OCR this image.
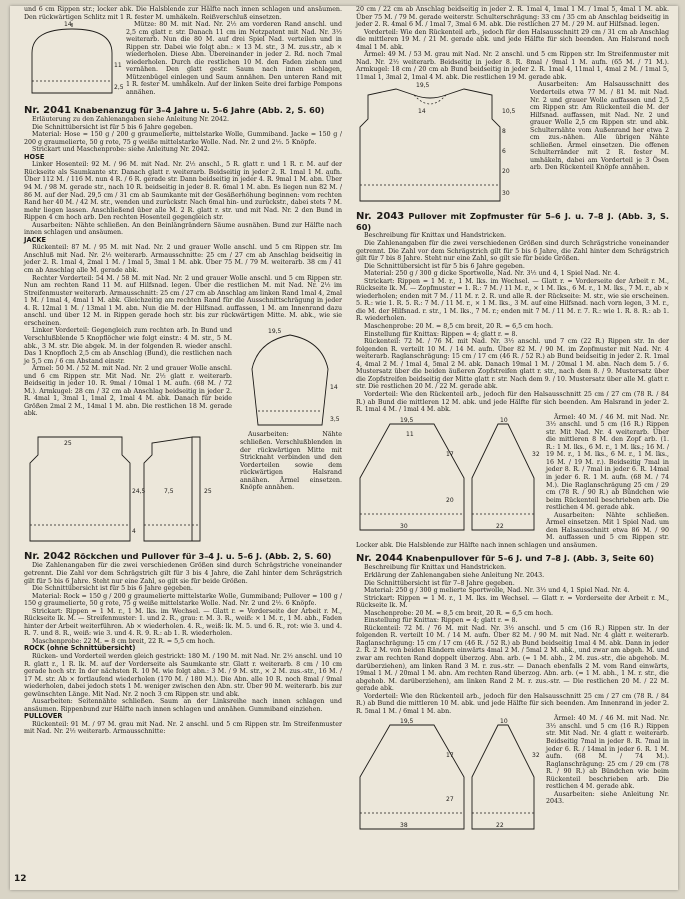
und 6 cm Rippen str.; locker abk. Die Halsblende zur Hälfte nach innen schlagen und ansäumen. Den rückwärtigen Schlitz mit 1 R. fester M. umhäkeln. Reißverschluß einsetzen.

14
2,5
11

Mütze: 80 M. mit Nad. Nr. 2½ am vorderen Rand anschl. und 2,5 cm glatt r. str. Danach 11 cm im Netzpatent mit Nad. Nr. 3½ weiterarb. Nun die 80 M. auf drei Spiel Nad. verteilen und in Rippen str. Dabei wie folgt abn.: × 13 M. str., 3 M. zus.str., ab × wiederholen. Diese Abn. Übereinander in jeder 2. Rd. noch 7mal wiederholen. Durch die restlichen 10 M. den Faden ziehen und vernähen. Den glatt gestr. Saum nach innen schlagen, Mützenbügel einlegen und Saum annähen. Den unteren Rand mit 1 R. fester M. umhäkeln. Auf der linken Seite drei farbige Pompons annähen.

Nr. 2041 Knabenanzug für 3–4 Jahre u. 5–6 Jahre (Abb. 2, S. 60)

Erläuterung zu den Zahlenangaben siehe Anleitung Nr. 2042.

Die Schnittübersicht ist für 5 bis 6 Jahre gegeben.

Material: Hose = 150 g / 200 g graumelierte, mittelstarke Wolle, Gummiband. Jacke = 150 g / 200 g graumelierte, 50 g rote, 75 g weiße mittelstarke Wolle. Nad. Nr. 2 und 2½. 5 Knöpfe.

Strickart und Maschenprobe: siehe Anleitung Nr. 2042.

HOSE

Linker Hosenteil: 92 M. / 96 M. mit Nad. Nr. 2½ anschl., 5 R. glatt r. und 1 R. r. M. auf der Rückseite als Saumkante str. Danach glatt r. weiterarb. Beidseitig in jeder 2. R. 1mal 1 M. aufn. Über 112 M. / 116 M. nun 4 R. / 6 R. gerade str. Dann beidseitig in jeder 4. R. 9mal 1 M. abn. Über 94 M. / 98 M. gerade str., nach 10 R. beidseitig in jeder 8. R. 6mal 1 M. abn. Es liegen nun 82 M. / 86 M. auf der Nad. 29,5 cm / 31 cm ab Saumkante mit der Gesäßerhöhung beginnen: vom rechten Rand her 40 M. / 42 M. str., wenden und zurückstr. Nach 6mal hin- und zurückstr., dabei stets 7 M. mehr liegen lassen. Anschließend über alle M. 2 R. glatt r. str. und mit Nad. Nr. 2 den Bund in Rippen 4 cm hoch arb. Den rechten Hosenteil gegengleich str.

Ausarbeiten: Nähte schließen. An den Beinlängrändern Säume ausnähen. Bund zur Hälfte nach innen schlagen und ansäumen.

JACKE

Rückenteil: 87 M. / 95 M. mit Nad. Nr. 2 und grauer Wolle anschl. und 5 cm Rippen str. Im Anschluß mit Nad. Nr. 2½ weiterarb. Armausschnitte: 25 cm / 27 cm ab Anschlag beidseitig in jeder 2. R. 1mal 4, 2mal 1 M. / 1mal 5, 3mal 1 M. abk. Über 75 M. / 79 M. weiterarb. 38 cm / 41 cm ab Anschlag alle M. gerade abk.

Rechter Vorderteil: 54 M. / 58 M. mit Nad. Nr. 2 und grauer Wolle anschl. und 5 cm Rippen str. Nun am rechten Rand 11 M. auf Hilfsnad. legen. Über die restlichen M. mit Nad. Nr. 2½ im Streifenmuster weiterarb. Armausschnitt: 25 cm / 27 cm ab Anschlag am linken Rand 1mal 4, 2mal 1 M. / 1mal 4, 4mal 1 M. abk. Gleichzeitig am rechten Rand für die Ausschnittschrägung in jeder 4. R. 12mal 1 M. / 13mal 1 M. abn. Nun die M. der Hilfsnad. auffassen, 1 M. am Innenrand dazu anschl. und über 12 M. in Rippen gerade hoch str. bis zur rückwärtigen Mitte. M. abk., wie sie erscheinen.

19,5
14
3,5

Linker Vorderteil: Gegengleich zum rechten arb. In Bund und Verschlußblende 5 Knopflöcher wie folgt einstr.: 4 M. str., 5 M. abk., 3 M. str. Die abgek. M. in der folgenden R. wieder anschl. Das 1 Knopfloch 2,5 cm ab Anschlag (Bund), die restlichen nach je 5,5 cm / 6 cm Abstand einstr.

Ärmel: 50 M. / 52 M. mit Nad. Nr. 2 und grauer Wolle anschl. und 6 cm Rippen str. Mit Nad. Nr. 2½ glatt r. weiterarb. Beidseitig in jeder 10. R. 9mal / 10mal 1 M. aufn. (68 M. / 72 M.). Armkugel: 28 cm / 32 cm ab Anschlag beidseitig in jeder 2. R. 4mal 1, 3mal 1, 1mal 2, 1mal 4 M. abk. Danach für beide Größen 2mal 2 M., 14mal 1 M. abn. Die restlichen 18 M. gerade abk.

25
24,5
4
7,5	25

Ausarbeiten: Nähte schließen. Verschlußblenden in der rückwärtigen Mitte mit Stricknaht verbinden und den Vorderteilen sowie dem rückwärtigen Halsrand annähen. Ärmel einsetzen. Knöpfe annähen.

Nr. 2042 Röckchen und Pullover für 3–4 J. u. 5–6 J. (Abb. 2, S. 60)

Die Zahlenangaben für die zwei verschiedenen Größen sind durch Schrägstriche voneinander getrennt. Die Zahl vor dem Schrägstrich gilt für 3 bis 4 Jahre, die Zahl hinter dem Schrägstrich gilt für 5 bis 6 Jahre. Steht nur eine Zahl, so gilt sie für beide Größen.

Die Schnittübersicht ist für 5 bis 6 Jahre gegeben.

Material: Rock = 150 g / 200 g graumelierte mittelstarke Wolle, Gummiband; Pullover = 100 g / 150 g graumelierte, 50 g rote, 75 g weiße mittelstarke Wolle. Nad. Nr. 2 und 2½. 6 Knöpfe.

Strickart: Rippen = 1 M. r., 1 M. lks. im Wechsel. — Glatt r. = Vorderseite der Arbeit r. M., Rückseite lk. M. — Streifenmuster: 1. und 2. R., grau: r. M. 3. R., weiß: × 1 M. r., 1 M. abh., Faden hinter der Arbeit weiterführen. Ab × wiederholen. 4. R., weiß: lk. M. 5. und 6. R., rot: wie 3. und 4. R. 7. und 8. R., weiß: wie 3. und 4. R. 9. R.: ab 1. R. wiederholen.

Maschenprobe: 22 M. = 8 cm breit, 22 R. = 5,5 cm hoch.

ROCK (ohne Schnittübersicht)

Rücken- und Vorderteil werden gleich gestrickt: 180 M. / 190 M. mit Nad. Nr. 2½ anschl. und 10 R. glatt r., 1 R. lk. M. auf der Vorderseite als Saumkante str. Glatt r. weiterarb. 8 cm / 10 cm gerade hoch str. In der nächsten R. 10 M. wie folgt abn.: 3 M. / 9 M. str., × 2 M. zus.-str., 16 M. / 17 M. str. Ab × fortlaufend wiederholen (170 M. / 180 M.). Die Abn. alle 10 R. noch 8mal / 9mal wiederholen, dabei jedoch stets 1 M. weniger zwischen den Abn. str. Über 90 M. weiterarb. bis zur gewünschten Länge. Mit Nad. Nr. 2 noch 3 cm Rippen str. und abk.

Ausarbeiten: Seitennähte schließen. Saum an der Linksreihe nach innen schlagen und ansäumen. Rippenbund zur Hälfte nach innen schlagen und annähen. Gummiband einziehen.

PULLOVER

Rückenteil: 91 M. / 97 M. grau mit Nad. Nr. 2 anschl. und 5 cm Rippen str. Im Streifenmuster mit Nad. Nr. 2½ weiterarb. Armausschnitte:

20 cm / 22 cm ab Anschlag beidseitig in jeder 2. R. 1mal 4, 1mal 1 M. / 1mal 5, 4mal 1 M. abk. Über 75 M. / 79 M. gerade weiterstr. Schulterschrägung: 33 cm / 35 cm ab Anschlag beidseitig in jeder 2. R. 4mal 6 M. / 1mal 7, 3mal 6 M. abk. Die restlichen 27 M. / 29 M. auf Hilfsnad. legen.

Vorderteil: Wie den Rückenteil arb., jedoch für den Halsausschnitt 29 cm / 31 cm ab Anschlag die mittleren 19 M. / 21 M. gerade abk. und jede Hälfte für sich beenden. Am Halsrand noch 4mal 1 M. abk.

Ärmel: 49 M. / 53 M. grau mit Nad. Nr. 2 anschl. und 5 cm Rippen str. Im Streifenmuster mit Nad. Nr. 2½ weiterarb. Beidseitig in jeder 8. R. 8mal / 9mal 1 M. aufn. (65 M. / 71 M.). Armkugel: 18 cm / 20 cm ab Bund beidseitig in jeder 2. R. 1mal 4, 11mal 1, 4mal 2 M. / 1mal 5, 11mal 1, 3mal 2, 1mal 4 M. abk. Die restlichen 19 M. gerade abk.

19,5
14	10,5
8
6
20
30

Ausarbeiten: Am Halsausschnitt des Vorderteils etwa 77 M. / 81 M. mit Nad. Nr. 2 und grauer Wolle auffassen und 2,5 cm Rippen str. Am Rückenteil die M. der Hilfsnad. auffassen, mit Nad. Nr. 2 und grauer Wolle 2,5 cm Rippen str. und abk. Schulternähte vom Außenrand her etwa 2 cm zus.-nähen. Alle übrigen Nähte schließen. Ärmel einsetzen. Die offenen Schulterränder mit 2 R. fester M. umhäkeln, dabei am Vorderteil je 3 Ösen arb. Den Rückenteil Knöpfe annähen.

Nr. 2043 Pullover mit Zopfmuster für 5–6 J. u. 7–8 J. (Abb. 3, S. 60)

Beschreibung für Knittax und Handstricken.

Die Zahlenangaben für die zwei verschiedenen Größen sind durch Schrägstriche voneinander getrennt. Die Zahl vor dem Schrägstrich gilt für 5 bis 6 Jahre, die Zahl hinter dem Schrägstrich gilt für 7 bis 8 Jahre. Steht nur eine Zahl, so gilt sie für beide Größen.

Die Schnittübersicht ist für 5 bis 6 Jahre gegeben.

Material: 250 g / 300 g dicke Sportwolle, Nad. Nr. 3½ und 4, 1 Spiel Nad. Nr. 4.

Strickart: Rippen = 1 M. r., 1 M. lks. im Wechsel. — Glatt r. = Vorderseite der Arbeit r. M., Rückseite lk. M. — Zopfmuster = 1. R.: 7 M. / 11 M. r., × 1 M. lks., 6 M. r., 1 M. lks., 7 M. r., ab × wiederholen; enden mit 7 M. / 11 M. r. 2. R. und alle R. der Rückseite: M. str., wie sie erscheinen. 5. R.: wie 1. R. 5. R.: 7 M. / 11 M. r., × 1 M. lks., 3 M. auf eine Hilfsnad. nach vorn legen, 3 M. r., die M. der Hilfsnad. r. str., 1 M. lks., 7 M. r.; enden mit 7 M. / 11 M. r. 7. R.: wie 1. R. 8. R.: ab 1. R. wiederholen.

Maschenprobe: 20 M. = 8,5 cm breit, 20 R. = 6,5 cm hoch.

Einstellung für Knittax: Rippen = 4; glatt r. = 8.

Rückenteil: 72 M. / 76 M. mit Nad. Nr. 3½ anschl. und 7 cm (22 R.) Rippen str. In der folgenden R. verteilt 10 M. / 14 M. aufn. Über 82 M. / 90 M. im Zopfmuster mit Nad. Nr. 4 weiterarb. Raglanschrägung: 15 cm / 17 cm (46 R. / 52 R.) ab Bund beidseitig in jeder 2. R. 1mal 4, 4mal 2 M. / 1mal 4, 5mal 2 M. abk. Danach 19mal 1 M. / 20mal 1 M. abn. Nach dem 5. / 6. Mustersatz über die beiden äußeren Zopfstreifen glatt r. str., nach dem 8. / 9. Mustersatz über die Zopfstreifen beidseitig der Mitte glatt r. str. Nach dem 9. / 10. Mustersatz über alle M. glatt r. str. Die restlichen 20 M. / 22 M. gerade abk.

Vorderteil: Wie den Rückenteil arb., jedoch für den Halsausschnitt 25 cm / 27 cm (78 R. / 84 R.) ab Bund die mittleren 12 M. abk. und jede Hälfte für sich beenden. Am Halsrand in jeder 2. R. 1mal 4 M. / 1mal 4 M. abk.

19,5
11
10
17	32
30
20
22

Ärmel: 40 M. / 46 M. mit Nad. Nr. 3½ anschl. und 5 cm (16 R.) Rippen str. Mit Nad. Nr. 4 weiterarb. Über die mittleren 8 M. den Zopf arb. (1. R.: 1 M. lks., 6 M. r., 1 M. lks.; 16 M. / 19 M. r., 1 M. lks., 6 M. r., 1 M. lks., 16 M. / 19 M. r.). Beidseitig 7mal in jeder 8. R. / 7mal in jeder 6. R. 14mal in jeder 6. R. 1 M. aufn. (68 M. / 74 M.). Die Raglanschrägung 25 cm / 29 cm (78 R. / 90 R.) ab Bündchen wie beim Rückenteil beschrieben arb. Die restlichen 4 M. gerade abk.

Ausarbeiten: Nähte schließen. Ärmel einsetzen. Mit 1 Spiel Nad. um den Halsausschnitt etwa 86 M. / 90 M. auffassen und 5 cm Rippen str. Locker abk. Die Halsblende zur Hälfte nach innen schlagen und ansäumen.

Nr. 2044 Knabenpullover für 5–6 J. und 7–8 J. (Abb. 3, Seite 60)

Beschreibung für Knittax und Handstricken.

Erklärung der Zahlenangaben siehe Anleitung Nr. 2043.

Die Schnittübersicht ist für 7–8 Jahre gegeben.

Material: 250 g / 300 g melierte Sportwolle, Nad. Nr. 3½ und 4, 1 Spiel Nad. Nr. 4.

Strickart: Rippen = 1 M. r., 1 M. lks. im Wechsel. — Glatt r. = Vorderseite der Arbeit r. M., Rückseite lk. M.

Maschenprobe: 20 M. = 8,5 cm breit, 20 R. = 6,5 cm hoch.

Einstellung für Knittax: Rippen = 4; glatt r. = 8.

Rückenteil: 72 M. / 76 M. mit Nad. Nr. 3½ anschl. und 5 cm (16 R.) Rippen str. In der folgenden R. verteilt 10 M. / 14 M. aufn. Über 82 M. / 90 M. mit Nad. Nr. 4 glatt r. weiterarb. Raglanschrägung: 15 cm / 17 cm (46 R. / 52 R.) ab Bund beidseitig 1mal 4 M. abk. Dann in jeder 2. R. 2 M. von beiden Rändern einwärts 4mal 2 M. / 5mal 2 M. abk., und zwar am abgeh. M. und zwar am rechten Rand doppelt überzog. Abn. arb. (= 1 M. abh., 2 M. zus.-str., die abgehob. M. darüberziehen), am linken Rand 3 M. r. zus.-str. — Danach ebenfalls 2 M. vom Rand einwärts, 19mal 1 M. / 20mal 1 M. abn. Am rechten Rand überzog. Abn. arb. (= 1 M. abh., 1 M. r. str., die abgehob. M. darüberziehen), am linken Rand 2 M. r. zus.-str. — Die restlichen 20 M. / 22 M. gerade abk.

Vorderteil: Wie den Rückenteil arb., jedoch für den Halsausschnitt 25 cm / 27 cm (78 R. / 84 R.) ab Bund die mittleren 10 M. abk. und jede Hälfte für sich beenden. Am Innenrand in jeder 2. R. 5mal 1 M. / 6mal 1 M. abn.

19,5	10
17	32
38
27
22

Ärmel: 40 M. / 46 M. mit Nad. Nr. 3½ anschl. und 5 cm (16 R.) Rippen str. Mit Nad. Nr. 4 glatt r. weiterarb. Beidseitig 7mal in jeder 8. R. 7mal in jeder 6. R. / 14mal in jeder 6. R. 1 M. aufn. (68 M. / 74 M.). Raglanschrägung: 25 cm / 29 cm (78 R. / 90 R.) ab Bündchen wie beim Rückenteil beschrieben arb. Die restlichen 4 M. gerade abk.

Ausarbeiten: siehe Anleitung Nr. 2043.

12
